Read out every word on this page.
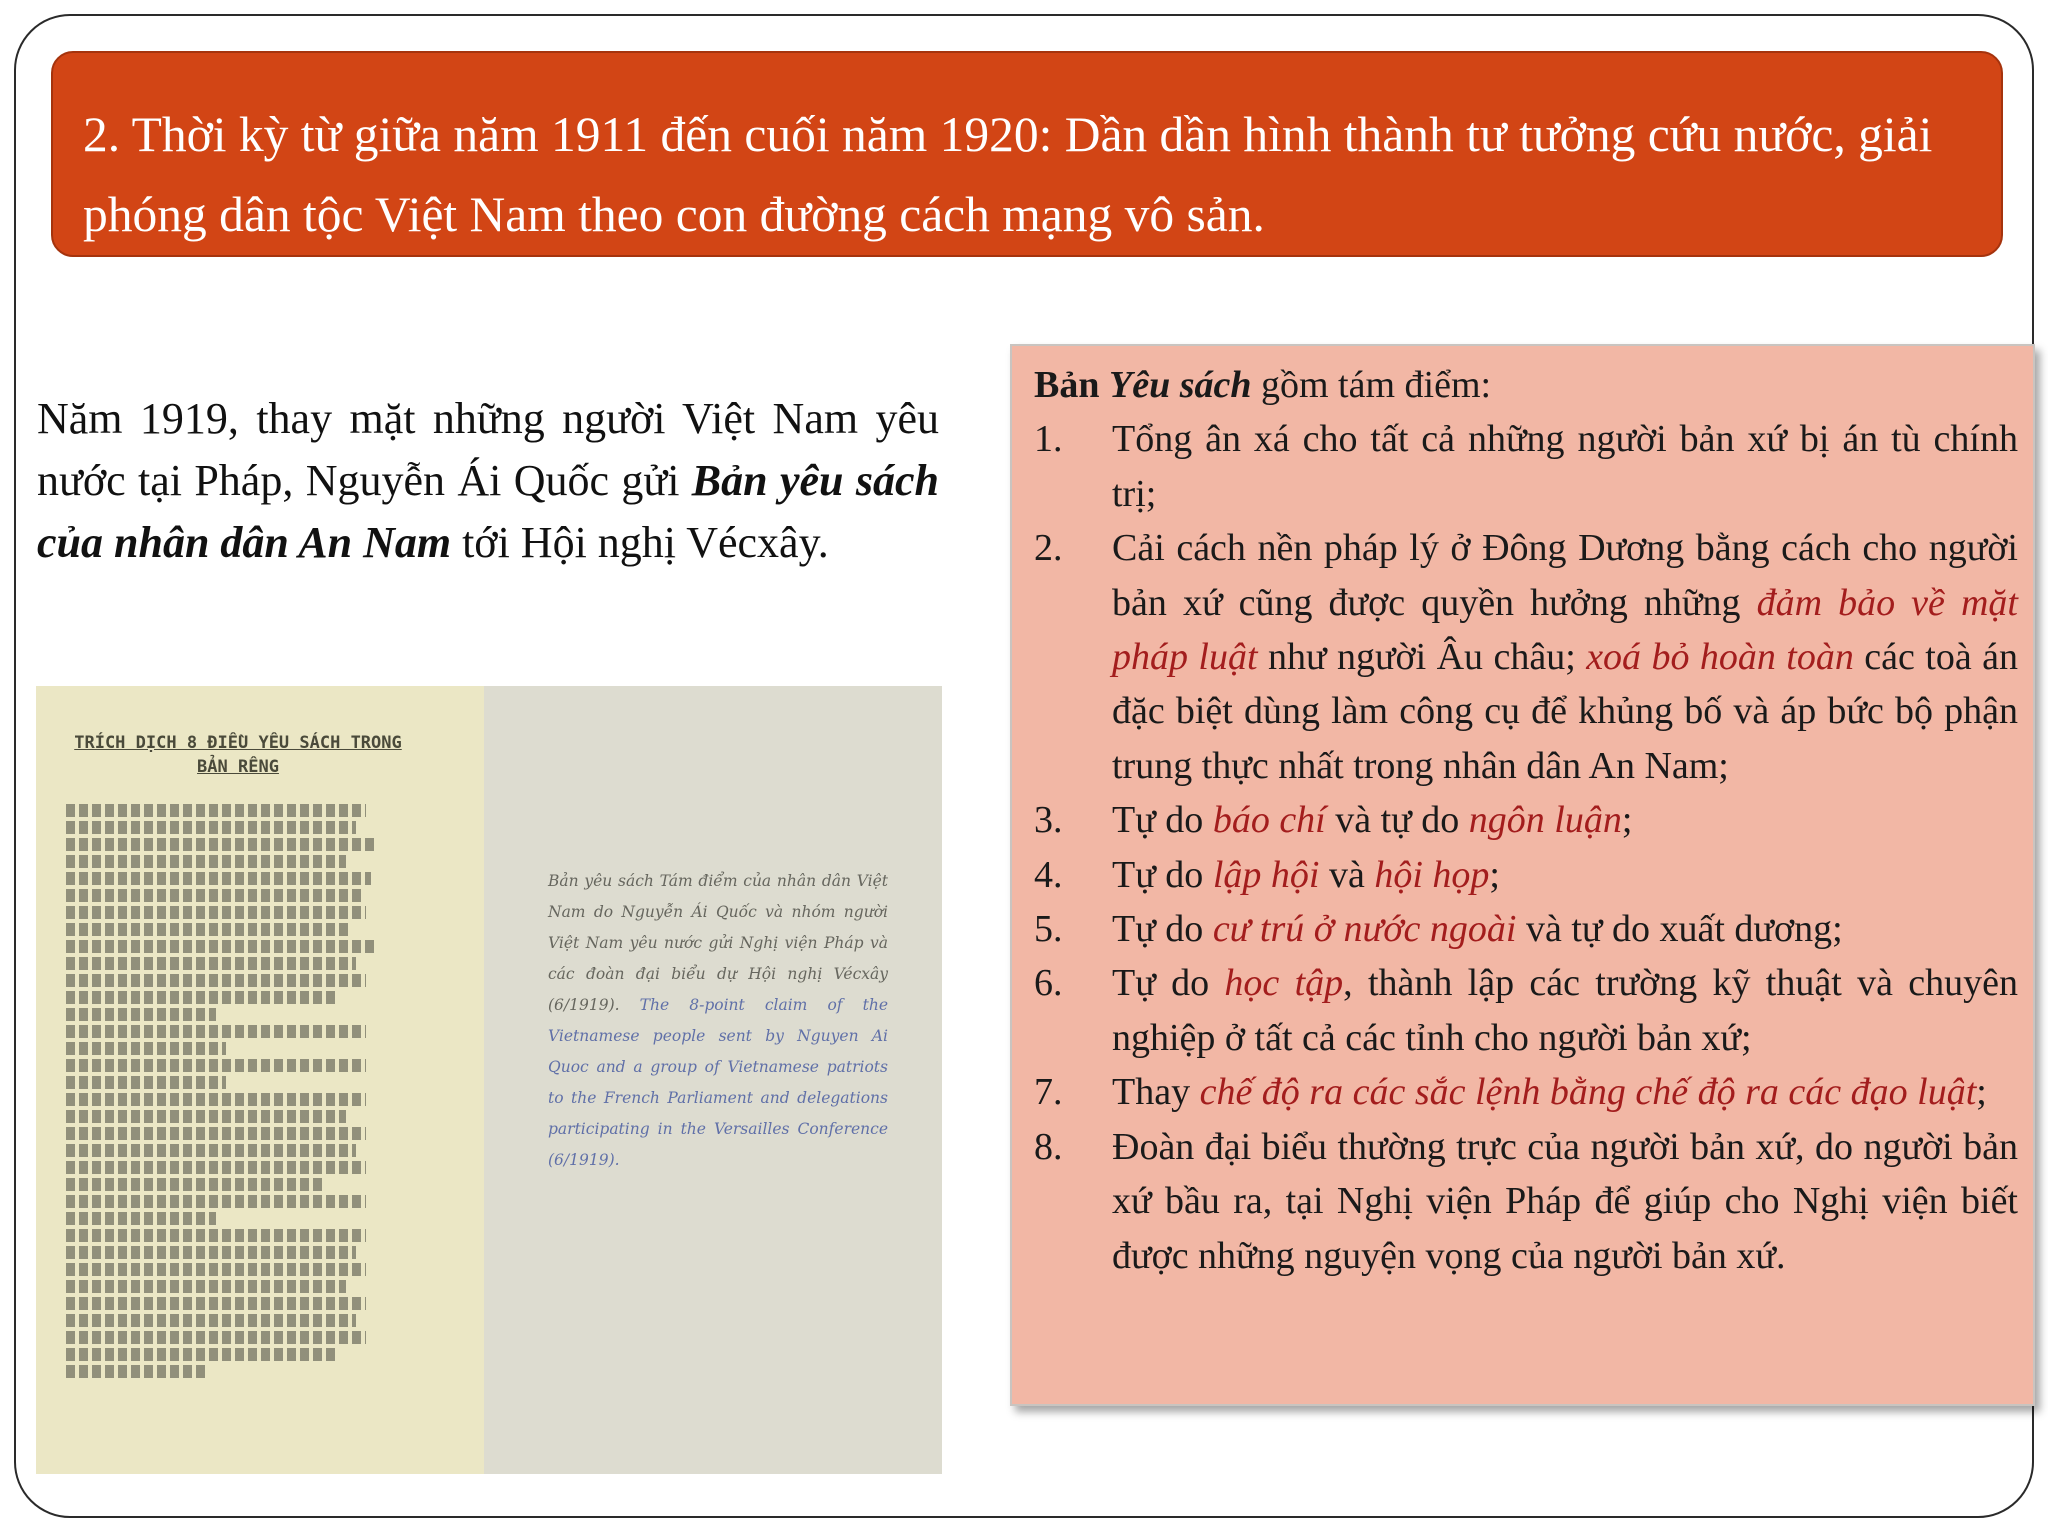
2. Thời kỳ từ giữa năm 1911 đến cuối năm 1920: Dần dần hình thành tư tưởng cứu nước, giải phóng dân tộc Việt Nam theo con đường cách mạng vô sản.
Năm 1919, thay mặt những người Việt Nam yêu nước tại Pháp, Nguyễn Ái Quốc gửi Bản yêu sách của nhân dân An Nam tới Hội nghị Vécxây.
TRÍCH DỊCH 8 ĐIỀU YÊU SÁCH TRONG BẢN RÊNG
Bản yêu sách Tám điểm của nhân dân Việt Nam do Nguyễn Ái Quốc và nhóm người Việt Nam yêu nước gửi Nghị viện Pháp và các đoàn đại biểu dự Hội nghị Vécxây (6/1919). The 8-point claim of the Vietnamese people sent by Nguyen Ai Quoc and a group of Vietnamese patriots to the French Parliament and delegations participating in the Versailles Conference (6/1919).
Bản Yêu sách gồm tám điểm:
1.	Tổng ân xá cho tất cả những người bản xứ bị án tù chính trị;
2.	Cải cách nền pháp lý ở Đông Dương bằng cách cho người bản xứ cũng được quyền hưởng những đảm bảo về mặt pháp luật như người Âu châu; xoá bỏ hoàn toàn các toà án đặc biệt dùng làm công cụ để khủng bố và áp bức bộ phận trung thực nhất trong nhân dân An Nam;
3.	Tự do báo chí và tự do ngôn luận;
4.	Tự do lập hội và hội họp;
5.	Tự do cư trú ở nước ngoài và tự do xuất dương;
6.	Tự do học tập, thành lập các trường kỹ thuật và chuyên nghiệp ở tất cả các tỉnh cho người bản xứ;
7.	Thay chế độ ra các sắc lệnh bằng chế độ ra các đạo luật;
8.	Đoàn đại biểu thường trực của người bản xứ, do người bản xứ bầu ra, tại Nghị viện Pháp để giúp cho Nghị viện biết được những nguyện vọng của người bản xứ.
